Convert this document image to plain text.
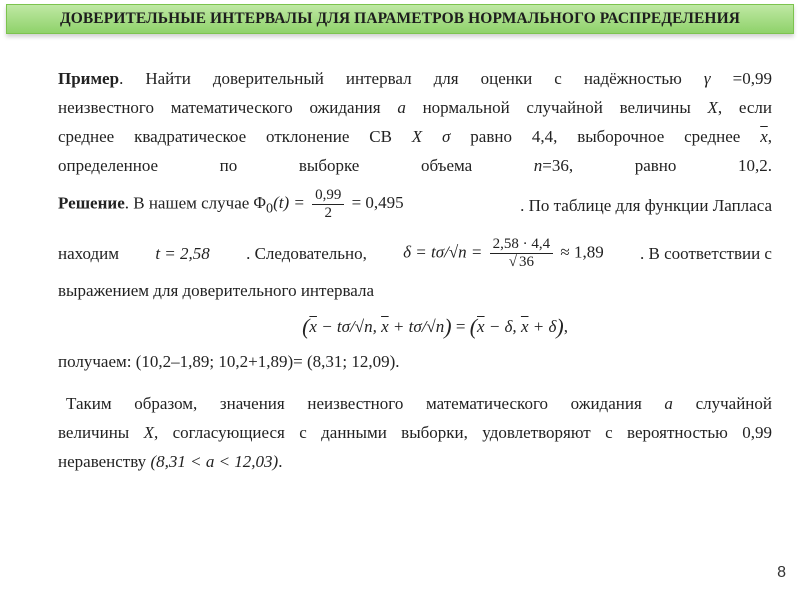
ДОВЕРИТЕЛЬНЫЕ ИНТЕРВАЛЫ ДЛЯ ПАРАМЕТРОВ НОРМАЛЬНОГО РАСПРЕДЕЛЕНИЯ
Пример. Найти доверительный интервал для оценки с надёжностью γ =0,99
неизвестного математического ожидания a нормальной случайной величины X, если
среднее квадратическое отклонение СВ X σ равно 4,4, выборочное среднее $\overline{x}$,
определенное по выборке объема n=36, равно 10,2.
Решение. В нашем случае $\Phi_0(t) = \frac{0,99}{2} = 0,495$	. По таблице для функции Лапласа
находим t = 2,58 . Следовательно, $\delta = t\sigma/√n = \frac{2,58 \cdot 4,4}{√ 36} \approx 1,89$ . В соответствии с
выражением для доверительного интервала
($\overline{x} - t\sigma/√n$, $\overline{x} + t\sigma/√n) = (\overline{x} - \delta$, $\overline{x} + \delta$),
получаем: (10,2–1,89; 10,2+1,89)= (8,31; 12,09).
Таким образом, значения неизвестного математического ожидания a случайной
величины X, согласующиеся с данными выборки, удовлетворяют с вероятностью 0,99
неравенству (8,31 < a < 12,03).
8
